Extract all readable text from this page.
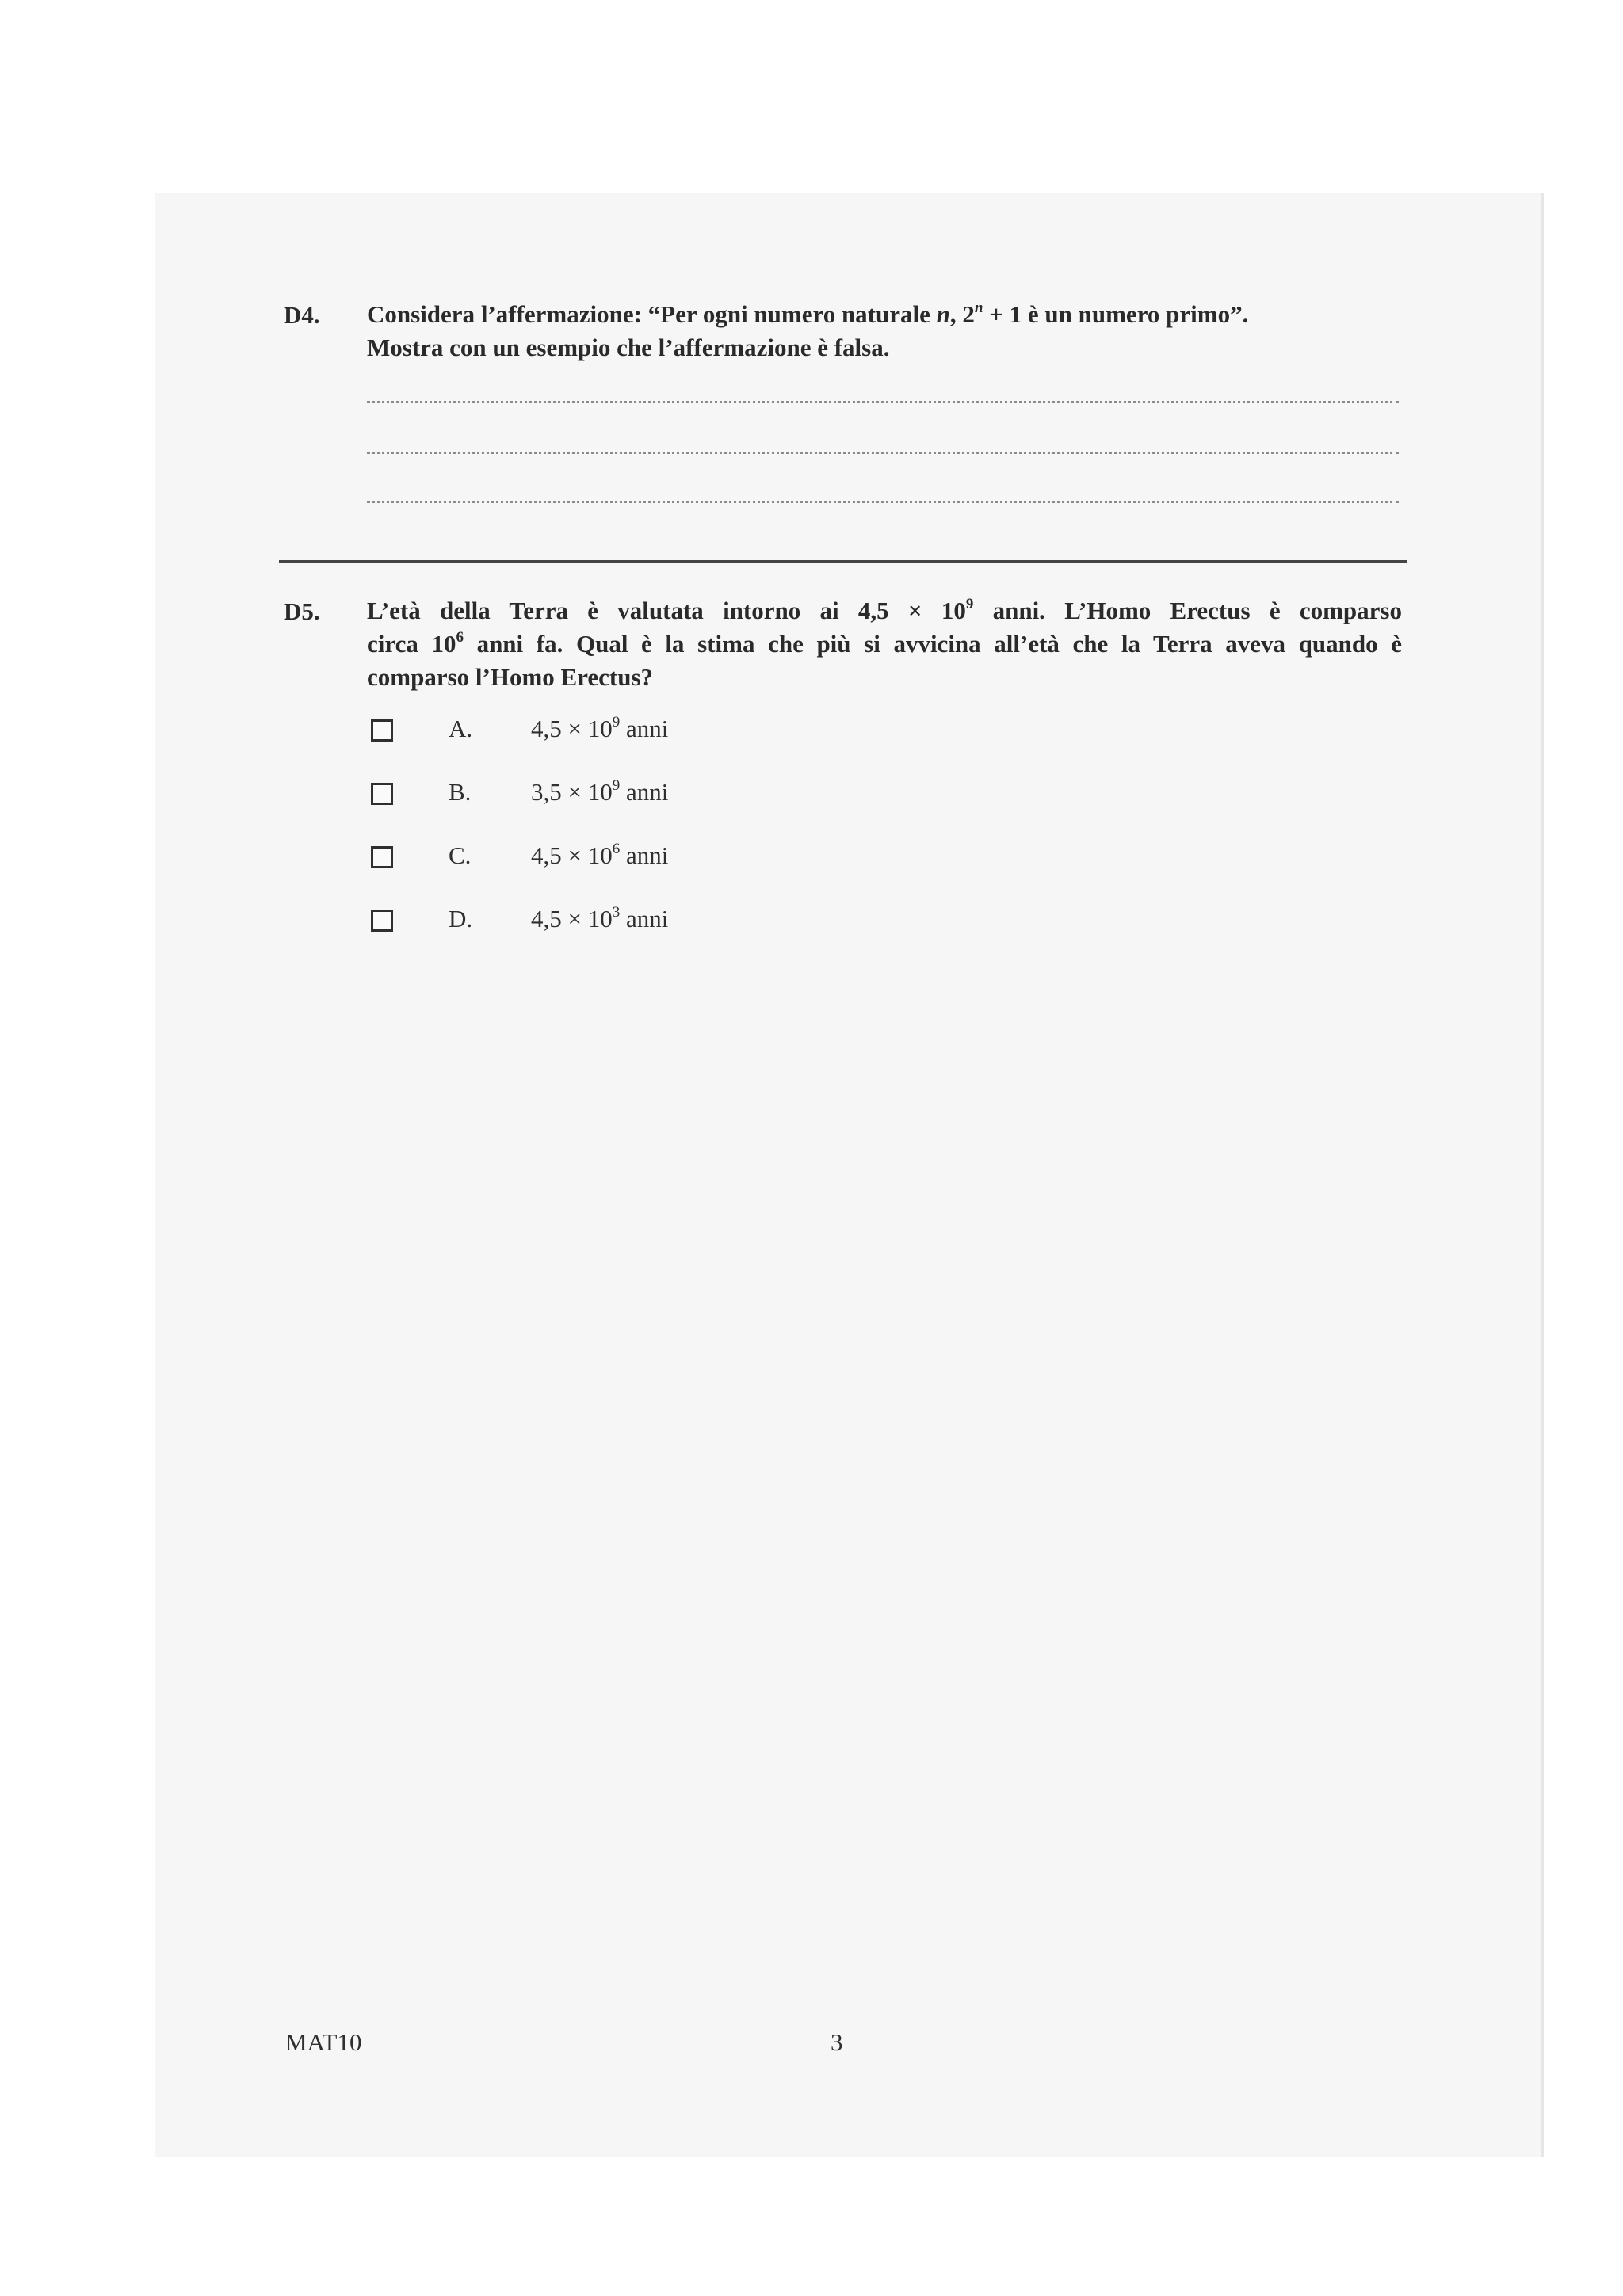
D4. Considera l’affermazione: “Per ogni numero naturale n, $2^n + 1$ è un numero primo”.
Mostra con un esempio che l’affermazione è falsa.
D5. L’età della Terra è valutata intorno ai $4,5 \times 10^9$ anni. L’Homo Erectus è comparso
circa $10^6$ anni fa. Qual è la stima che più si avvicina all’età che la Terra aveva quando è
comparso l’Homo Erectus?
A. $4,5 \times 10^9$ anni
B. $3,5 \times 10^9$ anni
C. $4,5 \times 10^6$ anni
D. $4,5 \times 10^3$ anni
MAT10	3
